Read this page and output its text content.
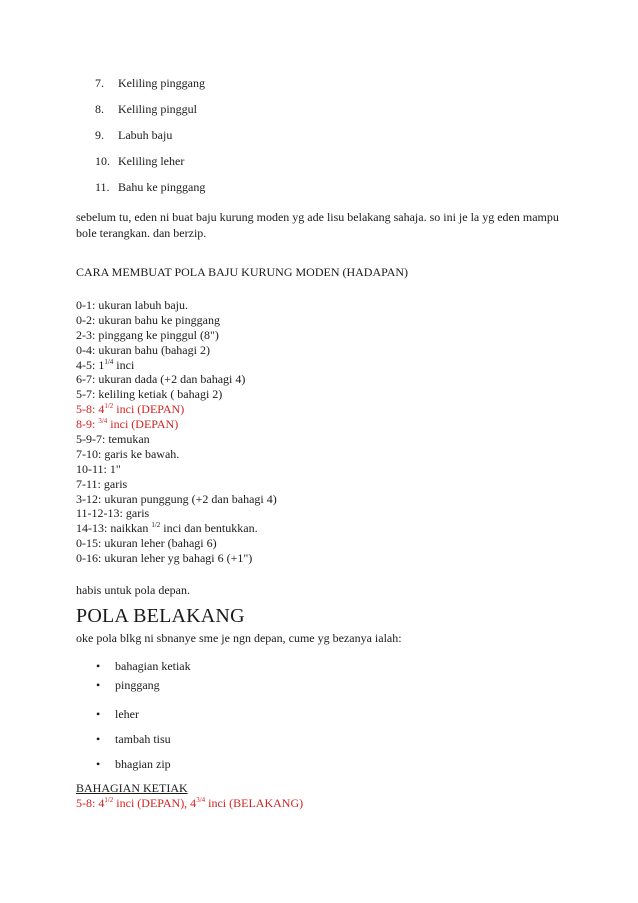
7. Keliling pinggang
8. Keliling pinggul
9. Labuh baju
10. Keliling leher
11. Bahu ke pinggang

sebelum tu, eden ni buat baju kurung moden yg ade lisu belakang sahaja. so ini je la yg eden mampu bole terangkan. dan berzip.

CARA MEMBUAT POLA BAJU KURUNG MODEN (HADAPAN)
0-1: ukuran labuh baju.
0-2: ukuran bahu ke pinggang
2-3: pinggang ke pinggul (8")
0-4: ukuran bahu (bahagi 2)
4-5: $1^{1/4}$ inci
6-7: ukuran dada (+2 dan bahagi 4)
5-7: keliling ketiak ( bahagi 2)
5-8: $4^{1/2}$ inci (DEPAN)
8-9: $^{3/4}$ inci (DEPAN)
5-9-7: temukan
7-10: garis ke bawah.
10-11: 1"
7-11: garis
3-12: ukuran punggung (+2 dan bahagi 4)
11-12-13: garis
14-13: naikkan $^{1/2}$ inci dan bentukkan.
0-15: ukuran leher (bahagi 6)
0-16: ukuran leher yg bahagi 6 (+1")
habis untuk pola depan.
POLA BELAKANG
oke pola blkg ni sbnanye sme je ngn depan, cume yg bezanya ialah:
• bahagian ketiak
• pinggang
• leher
• tambah tisu
• bhagian zip
BAHAGIAN KETIAK
5-8: $4^{1/2}$ inci (DEPAN), $4^{3/4}$ inci (BELAKANG)
